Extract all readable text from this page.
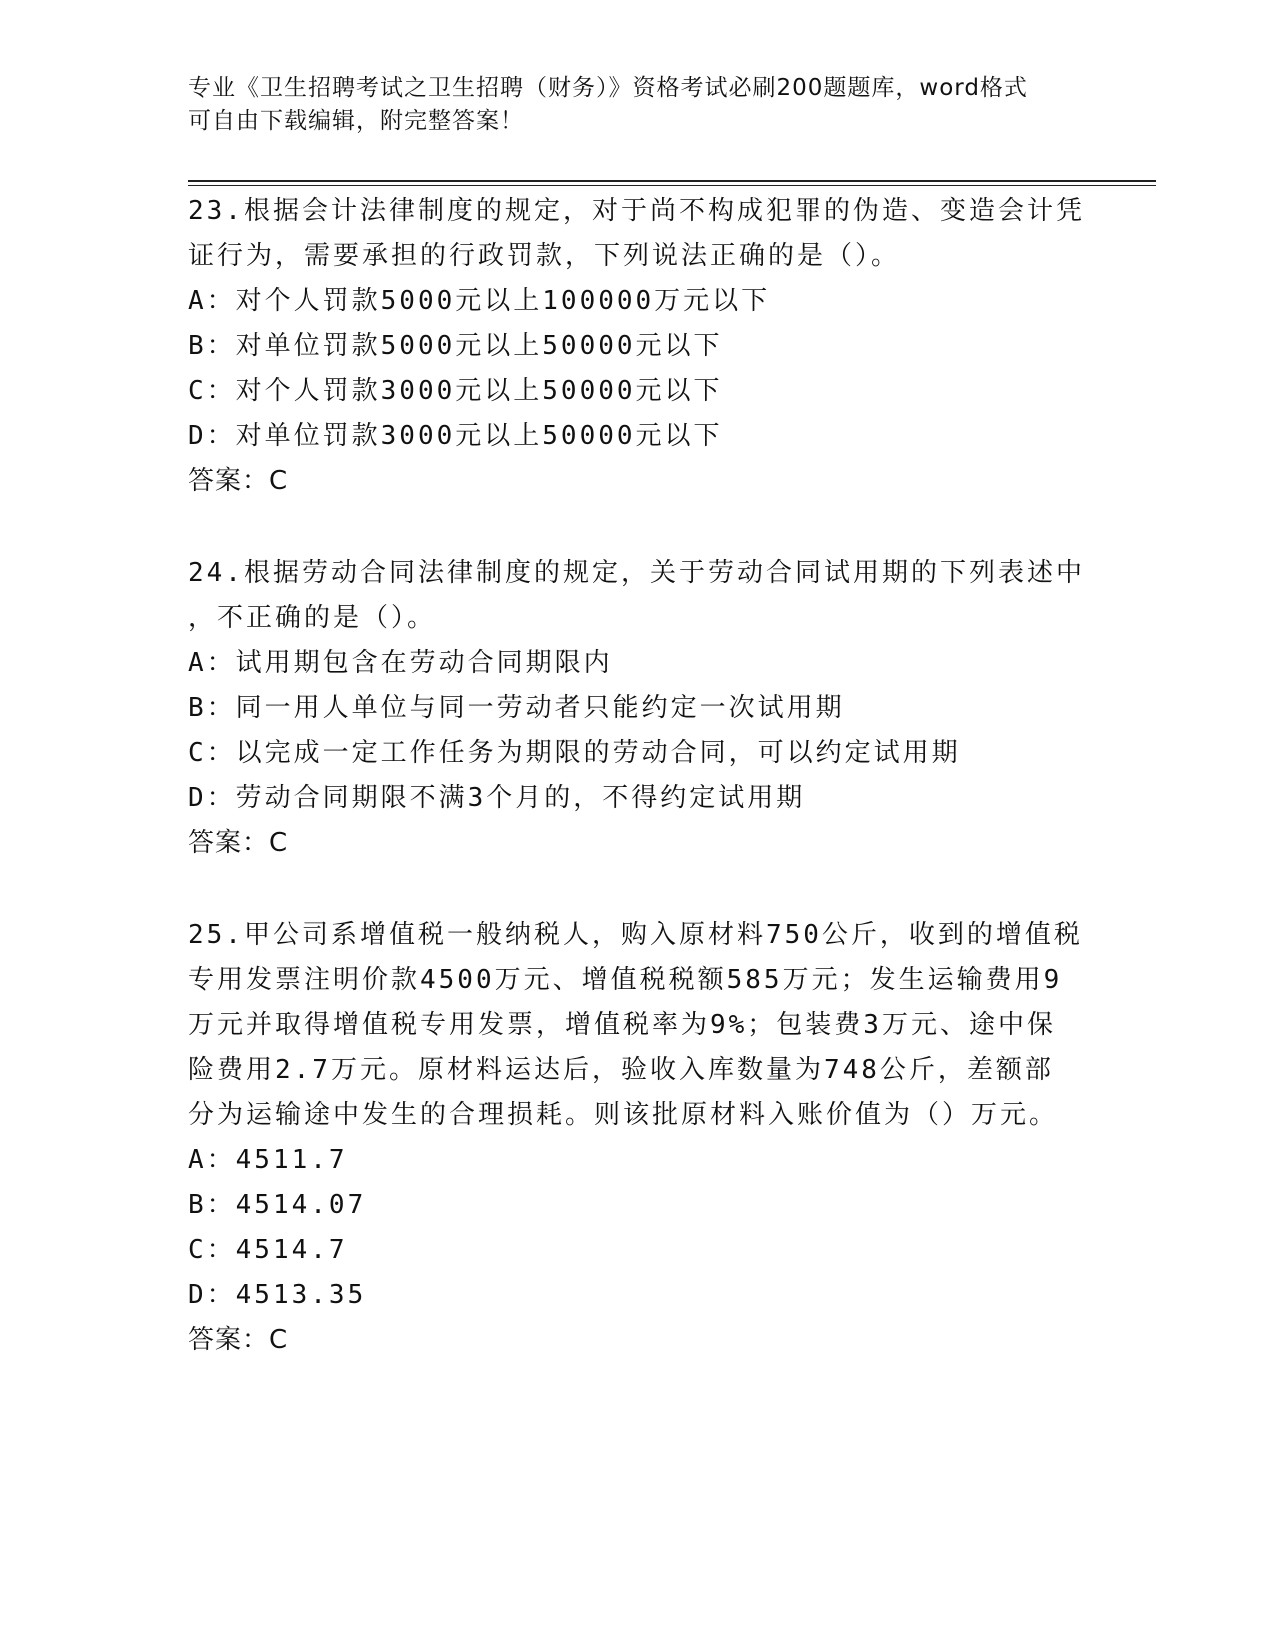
专业《卫生招聘考试之卫生招聘（财务）》资格考试必刷200题题库，word格式
可自由下载编辑，附完整答案！
23.根据会计法律制度的规定，对于尚不构成犯罪的伪造、变造会计凭
证行为，需要承担的行政罚款，下列说法正确的是（）。
A：对个人罚款5000元以上100000万元以下
B：对单位罚款5000元以上50000元以下
C：对个人罚款3000元以上50000元以下
D：对单位罚款3000元以上50000元以下
答案：C
24.根据劳动合同法律制度的规定，关于劳动合同试用期的下列表述中
，不正确的是（）。
A：试用期包含在劳动合同期限内
B：同一用人单位与同一劳动者只能约定一次试用期
C：以完成一定工作任务为期限的劳动合同，可以约定试用期
D：劳动合同期限不满3个月的，不得约定试用期
答案：C
25.甲公司系增值税一般纳税人，购入原材料750公斤，收到的增值税
专用发票注明价款4500万元、增值税税额585万元；发生运输费用9
万元并取得增值税专用发票，增值税率为9%；包装费3万元、途中保
险费用2.7万元。原材料运达后，验收入库数量为748公斤，差额部
分为运输途中发生的合理损耗。则该批原材料入账价值为（）万元。
A：4511.7
B：4514.07
C：4514.7
D：4513.35
答案：C
